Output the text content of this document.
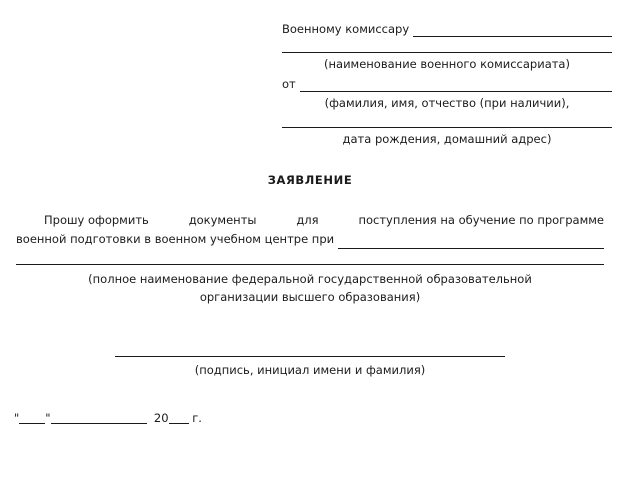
Военному комиссару
(наименование военного комиссариата)
от
(фамилия, имя, отчество (при наличии),
дата рождения, домашний адрес)
ЗАЯВЛЕНИЕ
Прошу оформить	документы	для	поступления на обучение по программе
военной подготовки в военном учебном центре при
(полное наименование федеральной государственной образовательной
организации высшего образования)
(подпись, инициал имени и фамилия)
" "	20 г.
